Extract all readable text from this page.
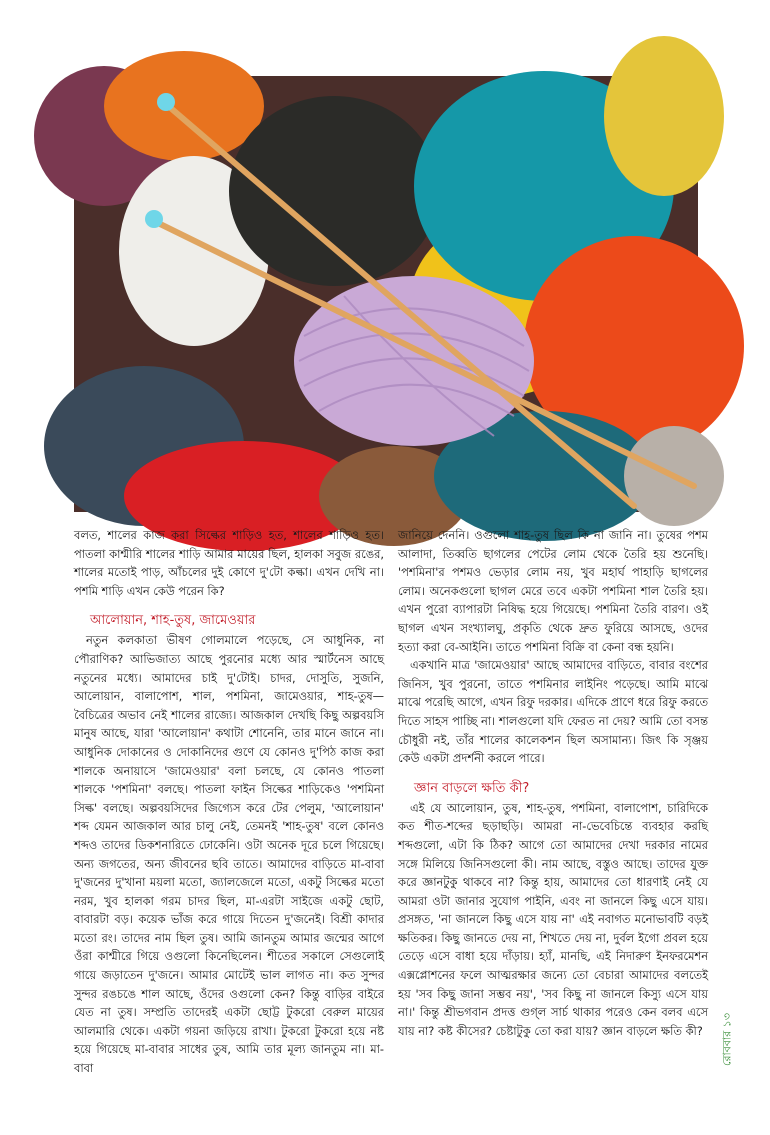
বলত, শালের কাজ করা সিল্কের শাড়িও হত, শালের শাড়িও হত। পাতলা কাশ্মীরি শালের শাড়ি আমার মায়ের ছিল, হালকা সবুজ রঙের, শালের মতোই পাড়, আঁচলের দুই কোণে দু'টো কল্কা। এখন দেখি না। পশমি শাড়ি এখন কেউ পরেন কি?

আলোয়ান, শাহ-তুষ, জামেওয়ার

নতুন কলকাতা ভীষণ গোলমালে পড়েছে, সে আধুনিক, না পৌরাণিক? আভিজাত্য আছে পুরনোর মধ্যে আর স্মার্টনেস আছে নতুনের মধ্যে। আমাদের চাই দু'টোই। চাদর, দোসুতি, সুজনি, আলোয়ান, বালাপোশ, শাল, পশমিনা, জামেওয়ার, শাহ-তুষ—বৈচিত্রের অভাব নেই শালের রাজ্যে। আজকাল দেখছি কিছু অল্পবয়সি মানুষ আছে, যারা 'আলোয়ান' কথাটা শোনেনি, তার মানে জানে না। আধুনিক দোকানের ও দোকানিদের গুণে যে কোনও দু'পিঠ কাজ করা শালকে অনায়াসে 'জামেওয়ার' বলা চলছে, যে কোনও পাতলা শালকে 'পশমিনা' বলছে। পাতলা ফাইন সিল্কের শাড়িকেও 'পশমিনা সিল্ক' বলছে। অল্পবয়সিদের জিগ্যেস করে টের পেলুম, 'আলোয়ান' শব্দ যেমন আজকাল আর চালু নেই, তেমনই 'শাহ-তুষ' বলে কোনও শব্দও তাদের ডিকশনারিতে ঢোকেনি। ওটা অনেক দূরে চলে গিয়েছে। অন্য জগতের, অন্য জীবনের ছবি তাতে। আমাদের বাড়িতে মা-বাবা দু'জনের দু'খানা ময়লা মতো, জ্যালজেলে মতো, একটু সিল্কের মতো নরম, খুব হালকা গরম চাদর ছিল, মা-এরটা সাইজে একটু ছোট, বাবারটা বড়। কয়েক ভাঁজ করে গায়ে দিতেন দু'জনেই। বিশ্রী কাদার মতো রং। তাদের নাম ছিল তুষ। আমি জানতুম আমার জন্মের আগে ওঁরা কাশ্মীরে গিয়ে ওগুলো কিনেছিলেন। শীতের সকালে সেগুলোই গায়ে জড়াতেন দু'জনে। আমার মোটেই ভাল লাগত না। কত সুন্দর সুন্দর রঙচঙে শাল আছে, ওঁদের ওগুলো কেন? কিন্তু বাড়ির বাইরে যেত না তুষ। সম্প্রতি তাদেরই একটা ছোট্ট টুকরো বেরুল মায়ের আলমারি থেকে। একটা গয়না জড়িয়ে রাখা। টুকরো টুকরো হয়ে নষ্ট হয়ে গিয়েছে মা-বাবার সাধের তুষ, আমি তার মূল্য জানতুম না। মা-বাবা

জানিয়ে দেননি। ওগুলো শাহ-তুষ ছিল কি না জানি না। তুষের পশম আলাদা, তিব্বতি ছাগলের পেটের লোম থেকে তৈরি হয় শুনেছি। 'পশমিনা'র পশমও ভেড়ার লোম নয়, খুব মহার্ঘ পাহাড়ি ছাগলের লোম। অনেকগুলো ছাগল মেরে তবে একটা পশমিনা শাল তৈরি হয়। এখন পুরো ব্যাপারটা নিষিদ্ধ হয়ে গিয়েছে। পশমিনা তৈরি বারণ। ওই ছাগল এখন সংখ্যালঘু, প্রকৃতি থেকে দ্রুত ফুরিয়ে আসছে, ওদের হত্যা করা বে-আইনি। তাতে পশমিনা বিক্রি বা কেনা বন্ধ হয়নি।

একখানি মাত্র 'জামেওয়ার' আছে আমাদের বাড়িতে, বাবার বংশের জিনিস, খুব পুরনো, তাতে পশমিনার লাইনিং পড়েছে। আমি মাঝে মাঝে পরেছি আগে, এখন রিফু দরকার। এদিকে প্রাণে ধরে রিফু করতে দিতে সাহস পাচ্ছি না। শালগুলো যদি ফেরত না দেয়? আমি তো বসন্ত চৌধুরী নই, তাঁর শালের কালেকশন ছিল অসামান্য। জিৎ কি সৃঞ্জয় কেউ একটা প্রদর্শনী করলে পারে।

জ্ঞান বাড়লে ক্ষতি কী?

এই যে আলোয়ান, তুষ, শাহ-তুষ, পশমিনা, বালাপোশ, চারিদিকে কত শীত-শব্দের ছড়াছড়ি। আমরা না-ভেবেচিন্তে ব্যবহার করছি শব্দগুলো, এটা কি ঠিক? আগে তো আমাদের দেখা দরকার নামের সঙ্গে মিলিয়ে জিনিসগুলো কী। নাম আছে, বস্তুও আছে। তাদের যুক্ত করে জ্ঞানটুকু থাকবে না? কিন্তু হায়, আমাদের তো ধারণাই নেই যে আমরা ওটা জানার সুযোগ পাইনি, এবং না জানলে কিছু এসে যায়। প্রসঙ্গত, 'না জানলে কিছু এসে যায় না' এই নবাগত মনোভাবটি বড়ই ক্ষতিকর। কিছু জানতে দেয় না, শিখতে দেয় না, দুর্বল ইগো প্রবল হয়ে তেড়ে এসে বাধা হয়ে দাঁড়ায়। হ্যাঁ, মানছি, এই নিদারুণ ইনফরমেশন এক্সপ্লোশনের ফলে আত্মরক্ষার জন্যে তো বেচারা আমাদের বলতেই হয় 'সব কিছু জানা সম্ভব নয়', 'সব কিছু না জানলে কিস্যু এসে যায় না।' কিন্তু শ্রীভগবান প্রদত্ত গুগ্‌ল সার্চ থাকার পরেও কেন বলব এসে যায় না? কষ্ট কীসের? চেষ্টাটুকু তো করা যায়? জ্ঞান বাড়লে ক্ষতি কী?	রোববার ১৩
